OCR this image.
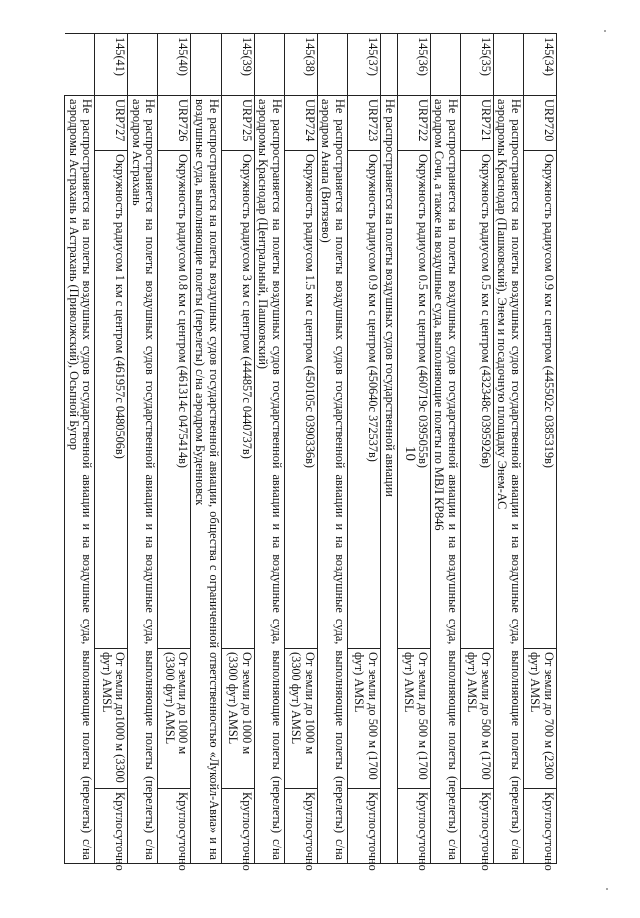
10
145(34)	URP720	Окружность радиусом 0.9 км с центром (445502с 0385319в)	От земли до 700 м (2300 фут) AMSL	Круглосуточно
	Не распространяется на полеты воздушных судов государственной авиации и на воздушные суда, выполняющие полеты (перелеты) с/на аэродромы Краснодар (Пашковский), Энем и посадочную площадку Энем-АС			
145(35)	URP721	Окружность радиусом 0.5 км с центром (432348с 0395926в)	От земли до 500 м (1700 фут) AMSL	Круглосуточно
	Не распространяется на полеты воздушных судов государственной авиации и на воздушные суда, выполняющие полеты (перелеты) с/на аэродром Сочи, а также на воздушные суда, выполняющие полеты по МВЛ КР846			
145(36)	URP722	Окружность радиусом 0.5 км с центром (460719с 0395055в)	От земли до 500 м (1700 фут) AMSL	Круглосуточно
	Не распространяется на полеты воздушных судов государственной авиации			
145(37)	URP723	Окружность радиусом 0.9 км с центром (450640с 372537в)	От земли до 500 м (1700 фут) AMSL	Круглосуточно
	Не распространяется на полеты воздушных судов государственной авиации и на воздушные суда, выполняющие полеты (перелеты) с/на аэродром Анапа (Витязево)			
145(38)	URP724	Окружность радиусом 1.5 км с центром (450105с 0390336в)	От земли до 1000 м (3300 фут) AMSL	Круглосуточно
	Не распространяется на полеты воздушных судов государственной авиации и на воздушные суда, выполняющие полеты (перелеты) с/на аэродромы Краснодар (Центральный, Пашковский)			
145(39)	URP725	Окружность радиусом 3 км с центром (444857с 0440737в)	От земли до 1000 м (3300 фут) AMSL	Круглосуточно
	Не распространяется на полеты воздушных судов государственной авиации, общества с ограниченной ответственностью «Лукойл-Авиа» и на воздушные суда, выполняющие полеты (перелеты) с/на аэродром Буденновск			
145(40)	URP726	Окружность радиусом 0.8 км с центром (461314с 0475414в)	От земли до 1000 м (3300 фут) AMSL	Круглосуточно
	Не распространяется на полеты воздушных судов государственной авиации и на воздушные суда, выполняющие полеты (перелеты) с/на аэродром Астрахань			
145(41)	URP727	Окружность радиусом 1 км с центром (461957с 0480506в)	От земли до1000 м (3300 фут) AMSL	Круглосуточно
	Не распространяется на полеты воздушных судов государственной авиации и на воздушные суда, выполняющие полеты (перелеты) с/на аэродромы Астрахань и Астрахань (Приволжский), Осьпной Бугор			
